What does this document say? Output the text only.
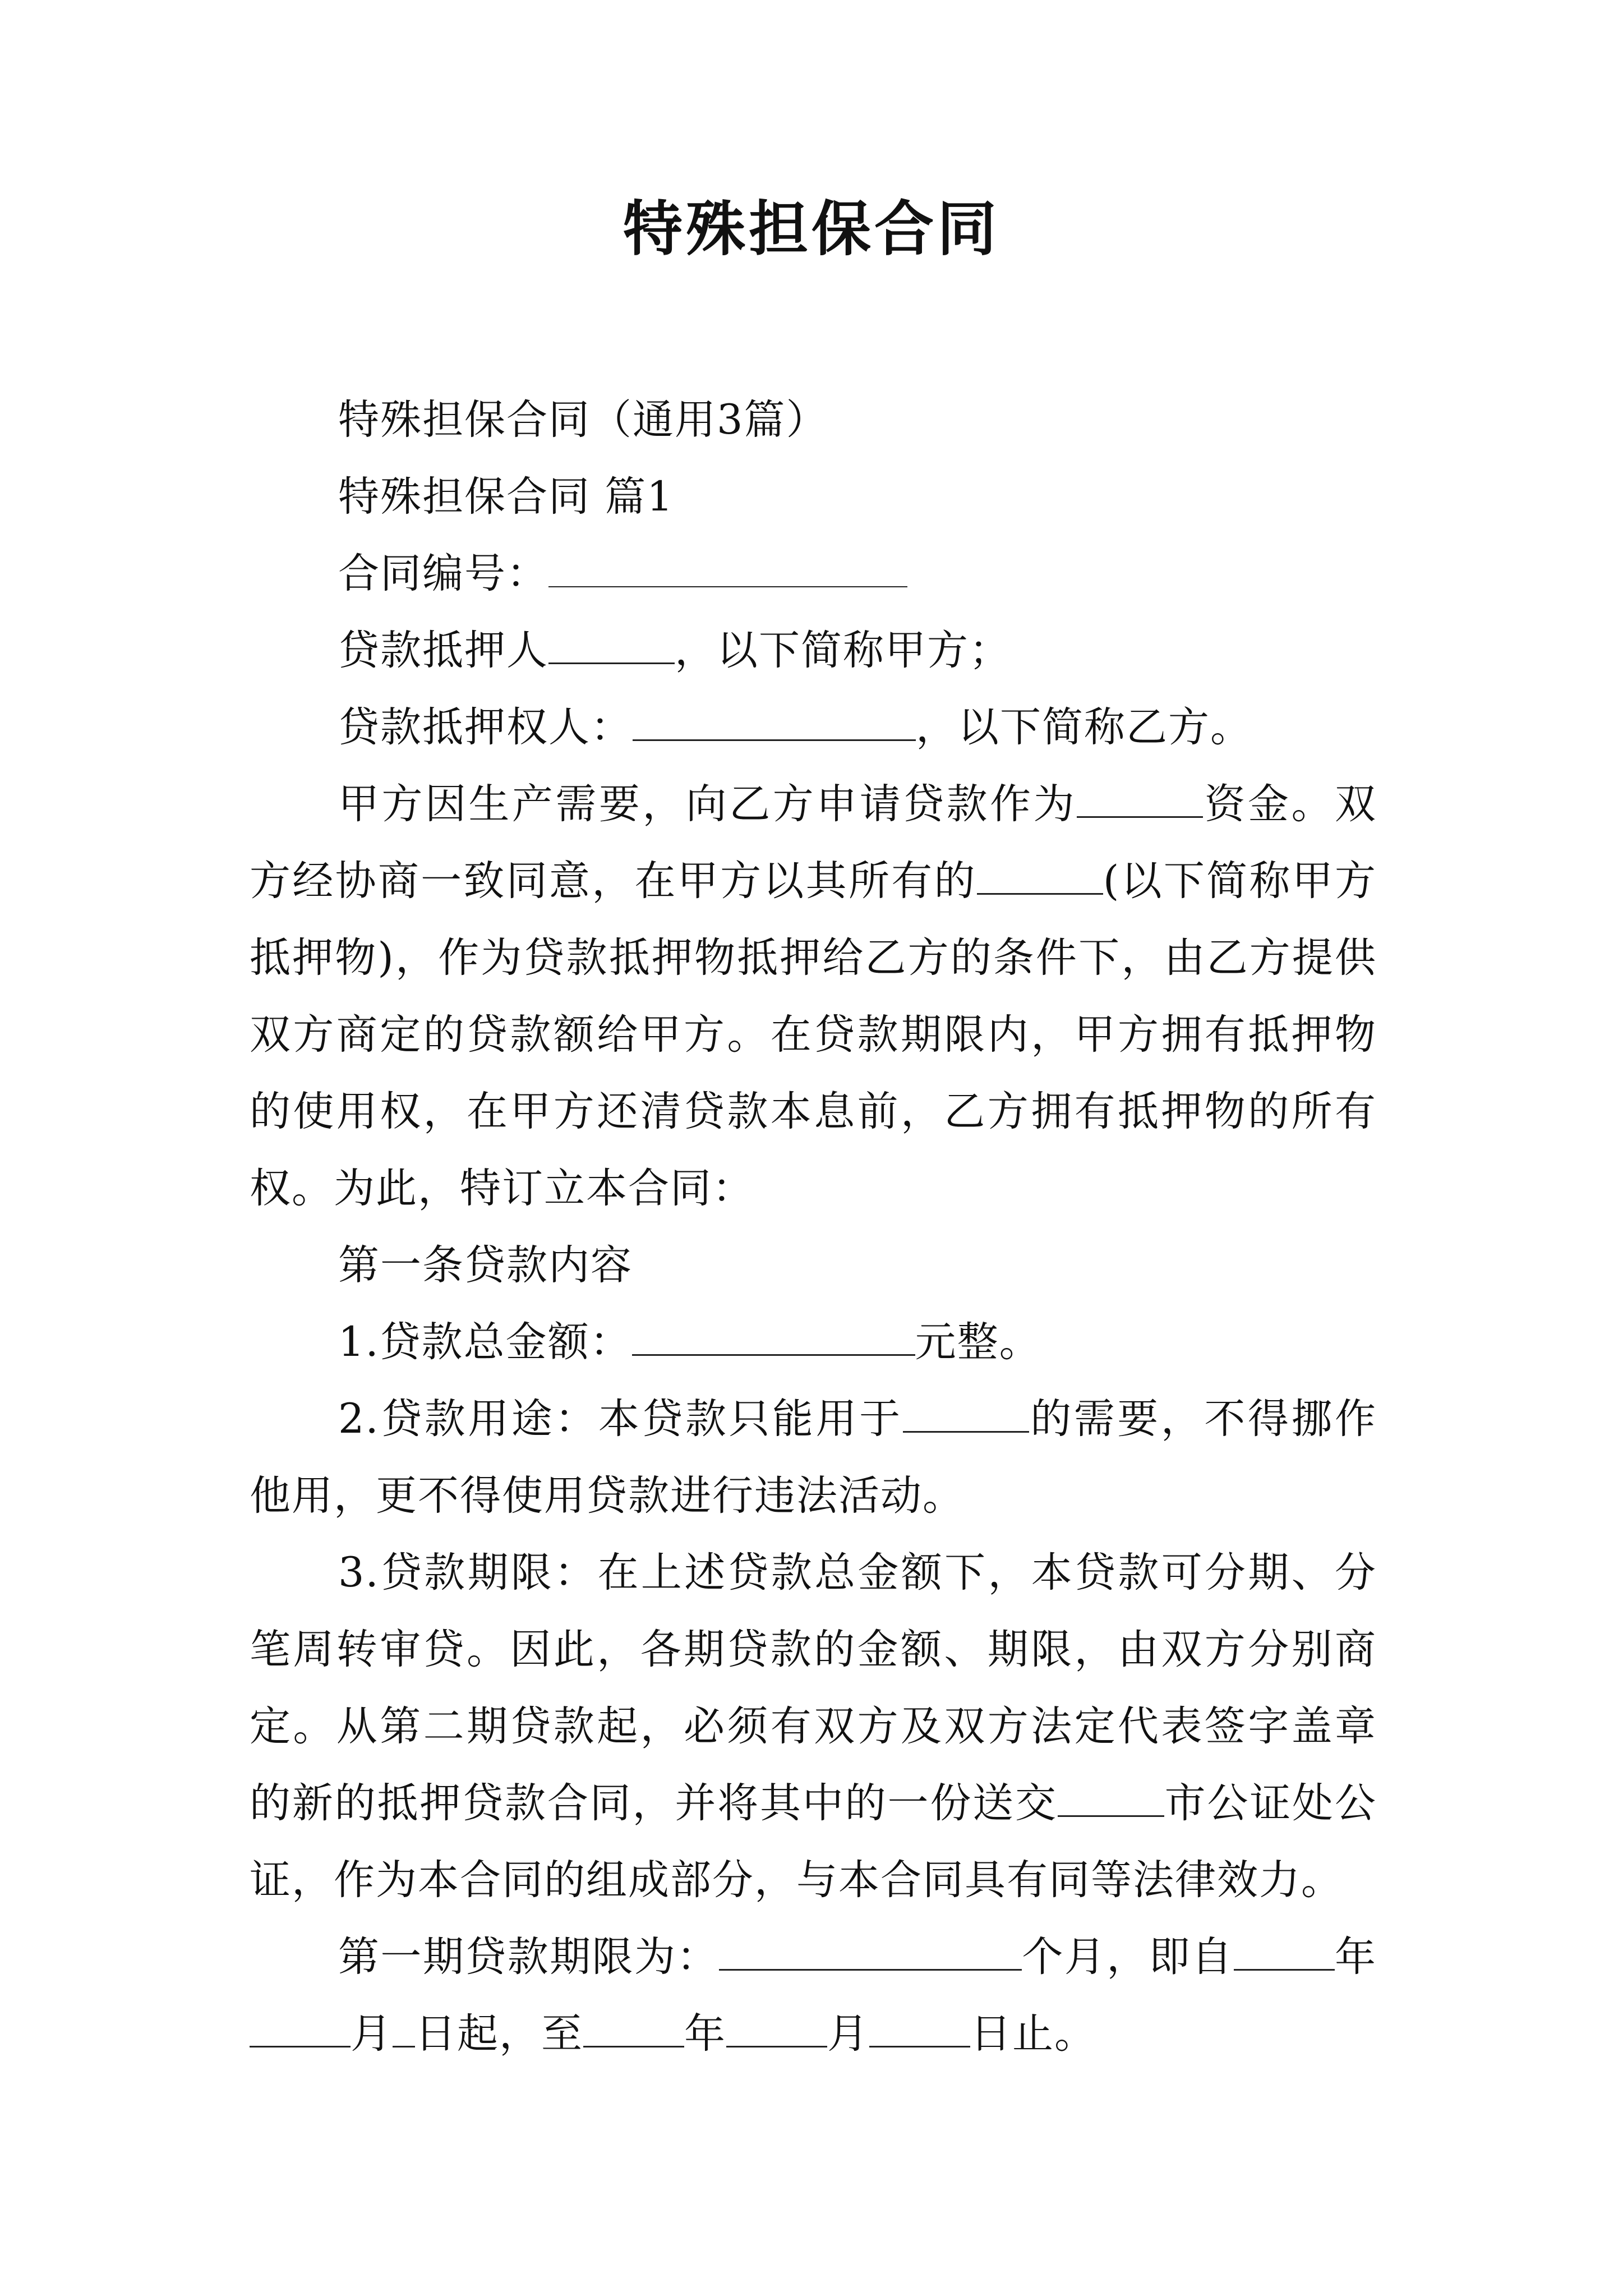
特殊担保合同

特殊担保合同（通用3篇）

特殊担保合同 篇1

合同编号：

贷款抵押人	，以下简称甲方；

贷款抵押权人：	，以下简称乙方。

甲方因生产需要，向乙方申请贷款作为	资金。双方经协商一致同意，在甲方以其所有的	(以下简称甲方抵押物)，作为贷款抵押物抵押给乙方的条件下，由乙方提供双方商定的贷款额给甲方。在贷款期限内，甲方拥有抵押物的使用权，在甲方还清贷款本息前，乙方拥有抵押物的所有权。为此，特订立本合同：

第一条贷款内容

1.贷款总金额：	元整。

2.贷款用途：本贷款只能用于	的需要，不得挪作他用，更不得使用贷款进行违法活动。

3.贷款期限：在上述贷款总金额下，本贷款可分期、分笔周转审贷。因此，各期贷款的金额、期限，由双方分别商定。从第二期贷款起，必须有双方及双方法定代表签字盖章的新的抵押贷款合同，并将其中的一份送交	市公证处公证，作为本合同的组成部分，与本合同具有同等法律效力。

第一期贷款期限为：	个月，即自 年月 日起，至 年 月 日止。
